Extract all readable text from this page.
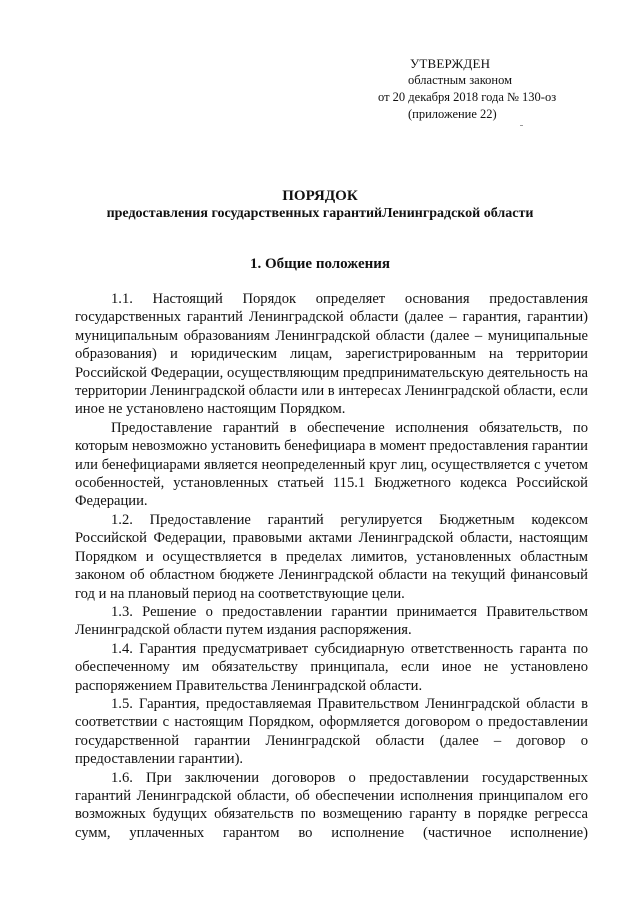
УТВЕРЖДЕН
областным законом
от 20 декабря 2018 года № 130-оз
(приложение 22)
ПОРЯДОК
предоставления государственных гарантийЛенинградской области
1. Общие положения

1.1. Настоящий Порядок определяет основания предоставления государственных гарантий Ленинградской области (далее – гарантия, гарантии) муниципальным образованиям Ленинградской области (далее – муниципальные образования) и юридическим лицам, зарегистрированным на территории Российской Федерации, осуществляющим предпринимательскую деятельность на территории Ленинградской области или в интересах Ленинградской области, если иное не установлено настоящим Порядком.

Предоставление гарантий в обеспечение исполнения обязательств, по которым невозможно установить бенефициара в момент предоставления гарантии или бенефициарами является неопределенный круг лиц, осуществляется с учетом особенностей, установленных статьей 115.1 Бюджетного кодекса Российской Федерации.

1.2. Предоставление гарантий регулируется Бюджетным кодексом Российской Федерации, правовыми актами Ленинградской области, настоящим Порядком и осуществляется в пределах лимитов, установленных областным законом об областном бюджете Ленинградской области на текущий финансовый год и на плановый период на соответствующие цели.

1.3. Решение о предоставлении гарантии принимается Правительством Ленинградской области путем издания распоряжения.

1.4. Гарантия предусматривает субсидиарную ответственность гаранта по обеспеченному им обязательству принципала, если иное не установлено распоряжением Правительства Ленинградской области.

1.5. Гарантия, предоставляемая Правительством Ленинградской области в соответствии с настоящим Порядком, оформляется договором о предоставлении государственной гарантии Ленинградской области (далее – договор о предоставлении гарантии).

1.6. При заключении договоров о предоставлении государственных гарантий Ленинградской области, об обеспечении исполнения принципалом его возможных будущих обязательств по возмещению гаранту в порядке регресса сумм, уплаченных гарантом во исполнение (частичное исполнение)
